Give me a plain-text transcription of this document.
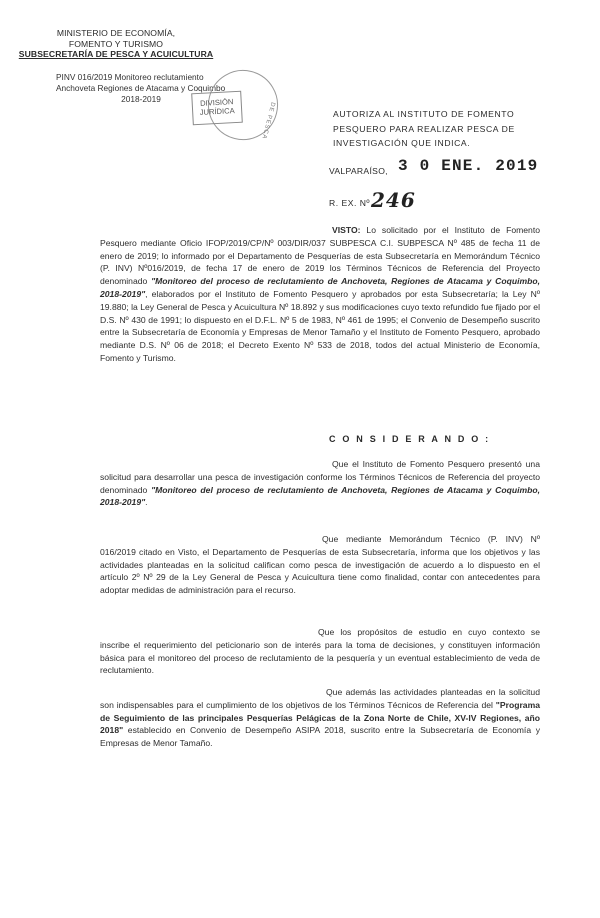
MINISTERIO DE ECONOMÍA,
FOMENTO Y TURISMO
SUBSECRETARÍA DE PESCA Y ACUICULTURA
PINV 016/2019 Monitoreo reclutamiento
Anchoveta Regiones de Atacama y Coquimbo
2018-2019
DE PESCA
DIVISIÓN
JURÍDICA	AUTORIZA AL INSTITUTO DE FOMENTO PESQUERO PARA REALIZAR PESCA DE INVESTIGACIÓN QUE INDICA.
VALPARAÍSO, 3 0 ENE. 2019
R. EX. Nº 246
VISTO: Lo solicitado por el Instituto de Fomento Pesquero mediante Oficio IFOP/2019/CP/Nº 003/DIR/037 SUBPESCA C.I. SUBPESCA Nº 485 de fecha 11 de enero de 2019; lo informado por el Departamento de Pesquerías de esta Subsecretaría en Memorándum Técnico (P. INV) Nº016/2019, de fecha 17 de enero de 2019 los Términos Técnicos de Referencia del Proyecto denominado "Monitoreo del proceso de reclutamiento de Anchoveta, Regiones de Atacama y Coquimbo, 2018-2019", elaborados por el Instituto de Fomento Pesquero y aprobados por esta Subsecretaría; la Ley Nº 19.880; la Ley General de Pesca y Acuicultura Nº 18.892 y sus modificaciones cuyo texto refundido fue fijado por el D.S. Nº 430 de 1991; lo dispuesto en el D.F.L. Nº 5 de 1983, Nº 461 de 1995; el Convenio de Desempeño suscrito entre la Subsecretaría de Economía y Empresas de Menor Tamaño y el Instituto de Fomento Pesquero, aprobado mediante D.S. Nº 06 de 2018; el Decreto Exento Nº 533 de 2018, todos del actual Ministerio de Economía, Fomento y Turismo.
C O N S I D E R A N D O :
Que el Instituto de Fomento Pesquero presentó una solicitud para desarrollar una pesca de investigación conforme los Términos Técnicos de Referencia del proyecto denominado "Monitoreo del proceso de reclutamiento de Anchoveta, Regiones de Atacama y Coquimbo, 2018-2019".
Que mediante Memorándum Técnico (P. INV) Nº 016/2019 citado en Visto, el Departamento de Pesquerías de esta Subsecretaría, informa que los objetivos y las actividades planteadas en la solicitud califican como pesca de investigación de acuerdo a lo dispuesto en el artículo 2º Nº 29 de la Ley General de Pesca y Acuicultura tiene como finalidad, contar con antecedentes para adoptar medidas de administración para el recurso.
Que los propósitos de estudio en cuyo contexto se inscribe el requerimiento del peticionario son de interés para la toma de decisiones, y constituyen información básica para el monitoreo del proceso de reclutamiento de la pesquería y un eventual establecimiento de veda de reclutamiento.
Que además las actividades planteadas en la solicitud son indispensables para el cumplimiento de los objetivos de los Términos Técnicos de Referencia del "Programa de Seguimiento de las principales Pesquerías Pelágicas de la Zona Norte de Chile, XV-IV Regiones, año 2018" establecido en Convenio de Desempeño ASIPA 2018, suscrito entre la Subsecretaría de Economía y Empresas de Menor Tamaño.
